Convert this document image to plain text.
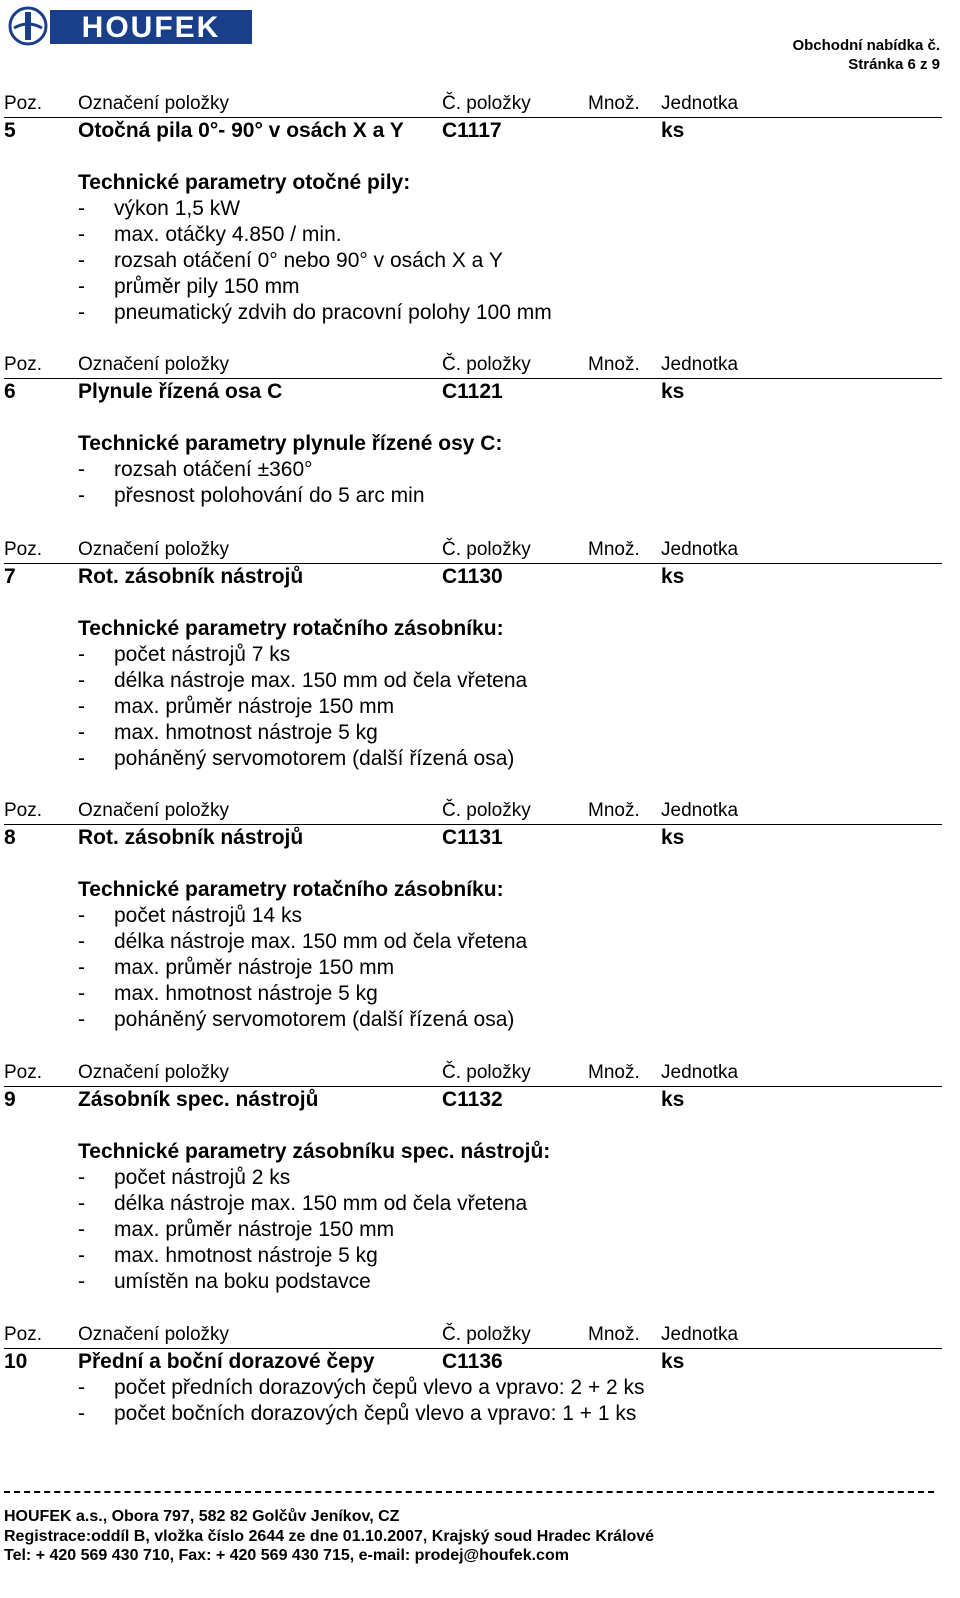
HOUFEK
Obchodní nabídka č.
Stránka 6 z 9
Poz. Označení položky	Č. položky	Množ. Jednotka
5	Otočná pila 0°- 90° v osách X a Y C1117	ks
Technické parametry otočné pily:
- výkon 1,5 kW
- max. otáčky 4.850 / min.
- rozsah otáčení 0° nebo 90° v osách X a Y
- průměr pily 150 mm
- pneumatický zdvih do pracovní polohy 100 mm
Poz. Označení položky	Č. položky	Množ. Jednotka
6	Plynule řízená osa C	C1121	ks
Technické parametry plynule řízené osy C:
- rozsah otáčení ±360°
- přesnost polohování do 5 arc min
Poz. Označení položky	Č. položky	Množ. Jednotka
7	Rot. zásobník nástrojů	C1130	ks
Technické parametry rotačního zásobníku:
- počet nástrojů 7 ks
- délka nástroje max. 150 mm od čela vřetena
- max. průměr nástroje 150 mm
- max. hmotnost nástroje 5 kg
- poháněný servomotorem (další řízená osa)
Poz. Označení položky	Č. položky	Množ. Jednotka
8	Rot. zásobník nástrojů	C1131	ks
Technické parametry rotačního zásobníku:
- počet nástrojů 14 ks
- délka nástroje max. 150 mm od čela vřetena
- max. průměr nástroje 150 mm
- max. hmotnost nástroje 5 kg
- poháněný servomotorem (další řízená osa)
Poz. Označení položky	Č. položky	Množ. Jednotka
9	Zásobník spec. nástrojů	C1132	ks
Technické parametry zásobníku spec. nástrojů:
- počet nástrojů 2 ks
- délka nástroje max. 150 mm od čela vřetena
- max. průměr nástroje 150 mm
- max. hmotnost nástroje 5 kg
- umístěn na boku podstavce
Poz. Označení položky	Č. položky	Množ. Jednotka
10 Přední a boční dorazové čepy	C1136	ks
- počet předních dorazových čepů vlevo a vpravo: 2 + 2 ks
- počet bočních dorazových čepů vlevo a vpravo: 1 + 1 ks
HOUFEK a.s., Obora 797, 582 82 Golčův Jeníkov, CZ
Registrace:oddíl B, vložka číslo 2644 ze dne 01.10.2007, Krajský soud Hradec Králové
Tel: + 420 569 430 710, Fax: + 420 569 430 715, e-mail: prodej@houfek.com
